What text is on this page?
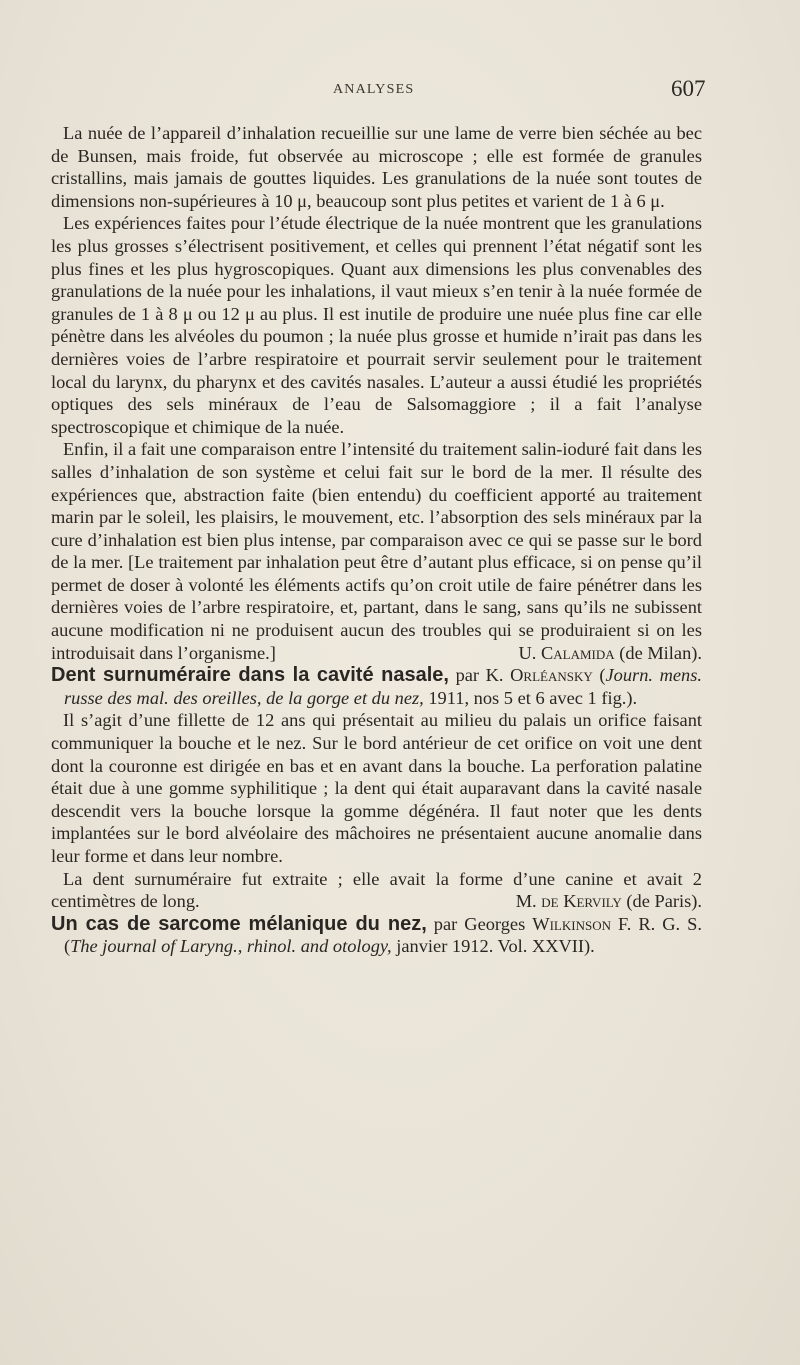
ANALYSES	607

La nuée de l’appareil d’inhalation recueillie sur une lame de verre bien séchée au bec de Bunsen, mais froide, fut observée au microscope ; elle est formée de granules cristallins, mais jamais de gouttes liquides. Les granulations de la nuée sont toutes de dimensions non-supérieures à 10 μ, beaucoup sont plus petites et varient de 1 à 6 μ.

Les expériences faites pour l’étude électrique de la nuée montrent que les granulations les plus grosses s’électrisent positivement, et celles qui prennent l’état négatif sont les plus fines et les plus hygroscopiques. Quant aux dimensions les plus convenables des granulations de la nuée pour les inhalations, il vaut mieux s’en tenir à la nuée formée de granules de 1 à 8 μ ou 12 μ au plus. Il est inutile de produire une nuée plus fine car elle pénètre dans les alvéoles du poumon ; la nuée plus grosse et humide n’irait pas dans les dernières voies de l’arbre respiratoire et pourrait servir seulement pour le traitement local du larynx, du pharynx et des cavités nasales. L’auteur a aussi étudié les propriétés optiques des sels minéraux de l’eau de Salsomaggiore ; il a fait l’analyse spectroscopique et chimique de la nuée.

Enfin, il a fait une comparaison entre l’intensité du traitement salin-ioduré fait dans les salles d’inhalation de son système et celui fait sur le bord de la mer. Il résulte des expériences que, abstraction faite (bien entendu) du coefficient apporté au traitement marin par le soleil, les plaisirs, le mouvement, etc. l’absorption des sels minéraux par la cure d’inhalation est bien plus intense, par comparaison avec ce qui se passe sur le bord de la mer. [Le traitement par inhalation peut être d’autant plus efficace, si on pense qu’il permet de doser à volonté les éléments actifs qu’on croit utile de faire pénétrer dans les dernières voies de l’arbre respiratoire, et, partant, dans le sang, sans qu’ils ne subissent aucune modification ni ne produisent aucun des troubles qui se produiraient si on les introduisait dans l’organisme.]	U. Calamida (de Milan).

Dent surnuméraire dans la cavité nasale, par K. Orléansky (Journ. mens. russe des mal. des oreilles, de la gorge et du nez, 1911, nos 5 et 6 avec 1 fig.).

Il s’agit d’une fillette de 12 ans qui présentait au milieu du palais un orifice faisant communiquer la bouche et le nez. Sur le bord antérieur de cet orifice on voit une dent dont la couronne est dirigée en bas et en avant dans la bouche. La perforation palatine était due à une gomme syphilitique ; la dent qui était auparavant dans la cavité nasale descendit vers la bouche lorsque la gomme dégénéra. Il faut noter que les dents implantées sur le bord alvéolaire des mâchoires ne présentaient aucune anomalie dans leur forme et dans leur nombre.

La dent surnuméraire fut extraite ; elle avait la forme d’une canine et avait 2 centimètres de long.	M. de Kervily (de Paris).

Un cas de sarcome mélanique du nez, par Georges Wilkinson F. R. G. S. (The journal of Laryng., rhinol. and otology, janvier 1912. Vol. XXVII).
